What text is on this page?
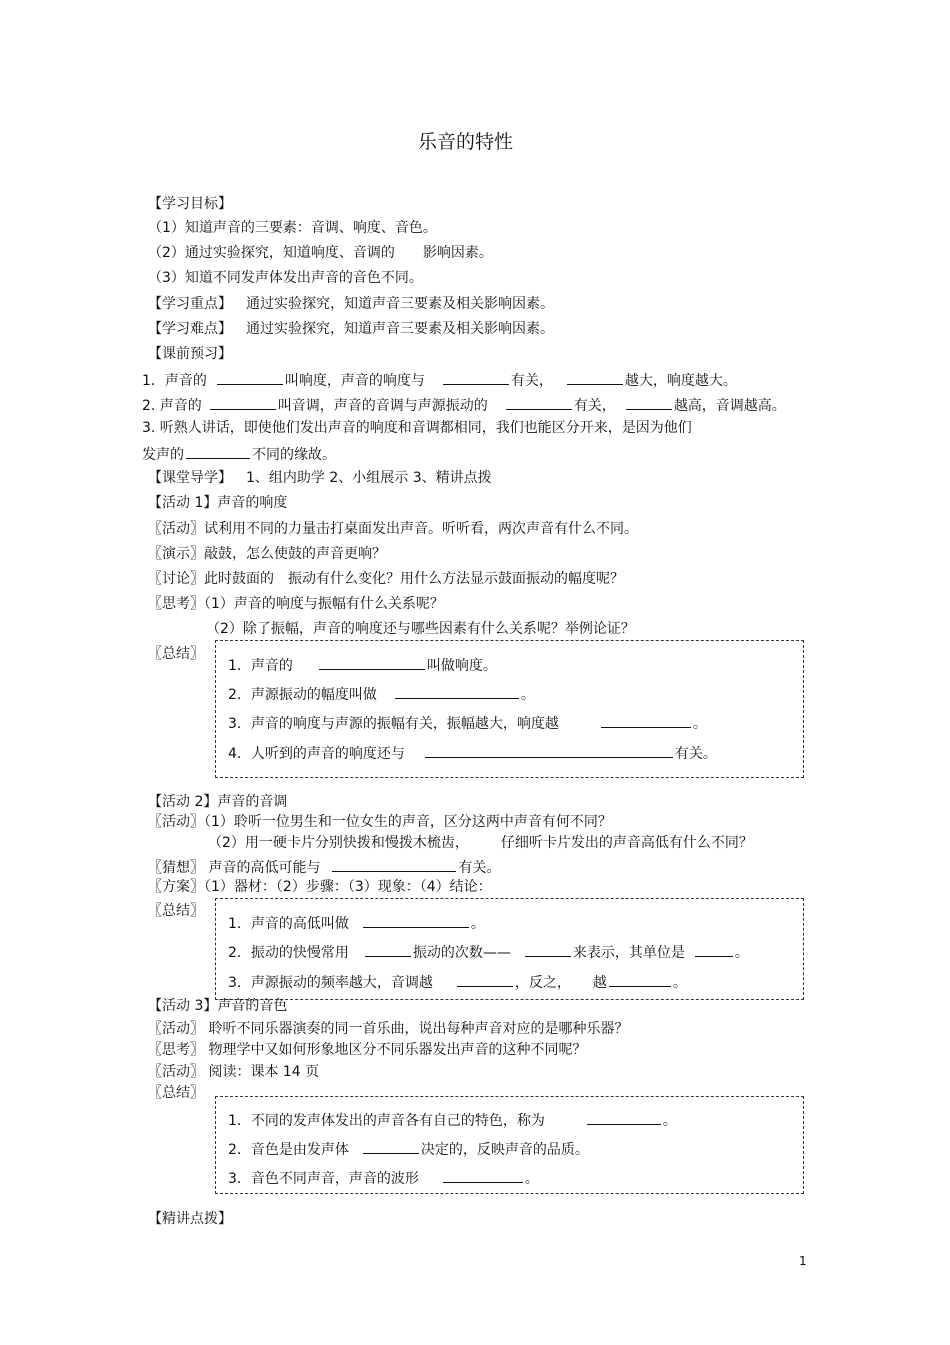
乐音的特性
【学习目标】
（1）知道声音的三要素：音调、响度、音色。
（2）通过实验探究，知道响度、音调的 影响因素。
（3）知道不同发声体发出声音的音色不同。
【学习重点】 通过实验探究，知道声音三要素及相关影响因素。
【学习难点】 通过实验探究，知道声音三要素及相关影响因素。
【课前预习】
1．声音的	叫响度，声音的响度与	有关，	越大，响度越大。
2. 声音的	叫音调，声音的音调与声源振动的	有关，	越高，音调越高。
3. 听熟人讲话，即使他们发出声音的响度和音调都相同，我们也能区分开来，是因为他们
发声的	不同的缘故。
【课堂导学】 1、组内助学 2、小组展示 3、精讲点拨
【活动 1】声音的响度
〖活动〗试利用不同的力量击打桌面发出声音。听听看，两次声音有什么不同。
〖演示〗敲鼓，怎么使鼓的声音更响？
〖讨论〗此时鼓面的 振动有什么变化？用什么方法显示鼓面振动的幅度呢？
〖思考〗（1）声音的响度与振幅有什么关系呢？
（2）除了振幅，声音的响度还与哪些因素有什么关系呢？举例论证？
〖总结〗
1．声音的	叫做响度。
2．声源振动的幅度叫做	。
3．声音的响度与声源的振幅有关，振幅越大，响度越	。
4．人听到的声音的响度还与	有关。
【活动 2】声音的音调
〖活动〗（1）聆听一位男生和一位女生的声音，区分这两中声音有何不同？
（2）用一硬卡片分别快拨和慢拨木梳齿， 仔细听卡片发出的声音高低有什么不同？
〖猜想〗 声音的高低可能与	有关。
〖方案〗（1）器材：（2）步骤：（3）现象：（4）结论：
〖总结〗
1．声音的高低叫做	。
2．振动的快慢常用	振动的次数——	来表示，其单位是	。
3．声源振动的频率越大，音调越	，反之， 越	。
【活动 3】声音的音色
〖活动〗 聆听不同乐器演奏的同一首乐曲，说出每种声音对应的是哪种乐器？
〖思考〗 物理学中又如何形象地区分不同乐器发出声音的这种不同呢？
〖活动〗 阅读：课本 14 页
〖总结〗
1．不同的发声体发出的声音各有自己的特色，称为	。
2．音色是由发声体	决定的，反映声音的品质。
3．音色不同声音，声音的波形	。
【精讲点拨】
1
